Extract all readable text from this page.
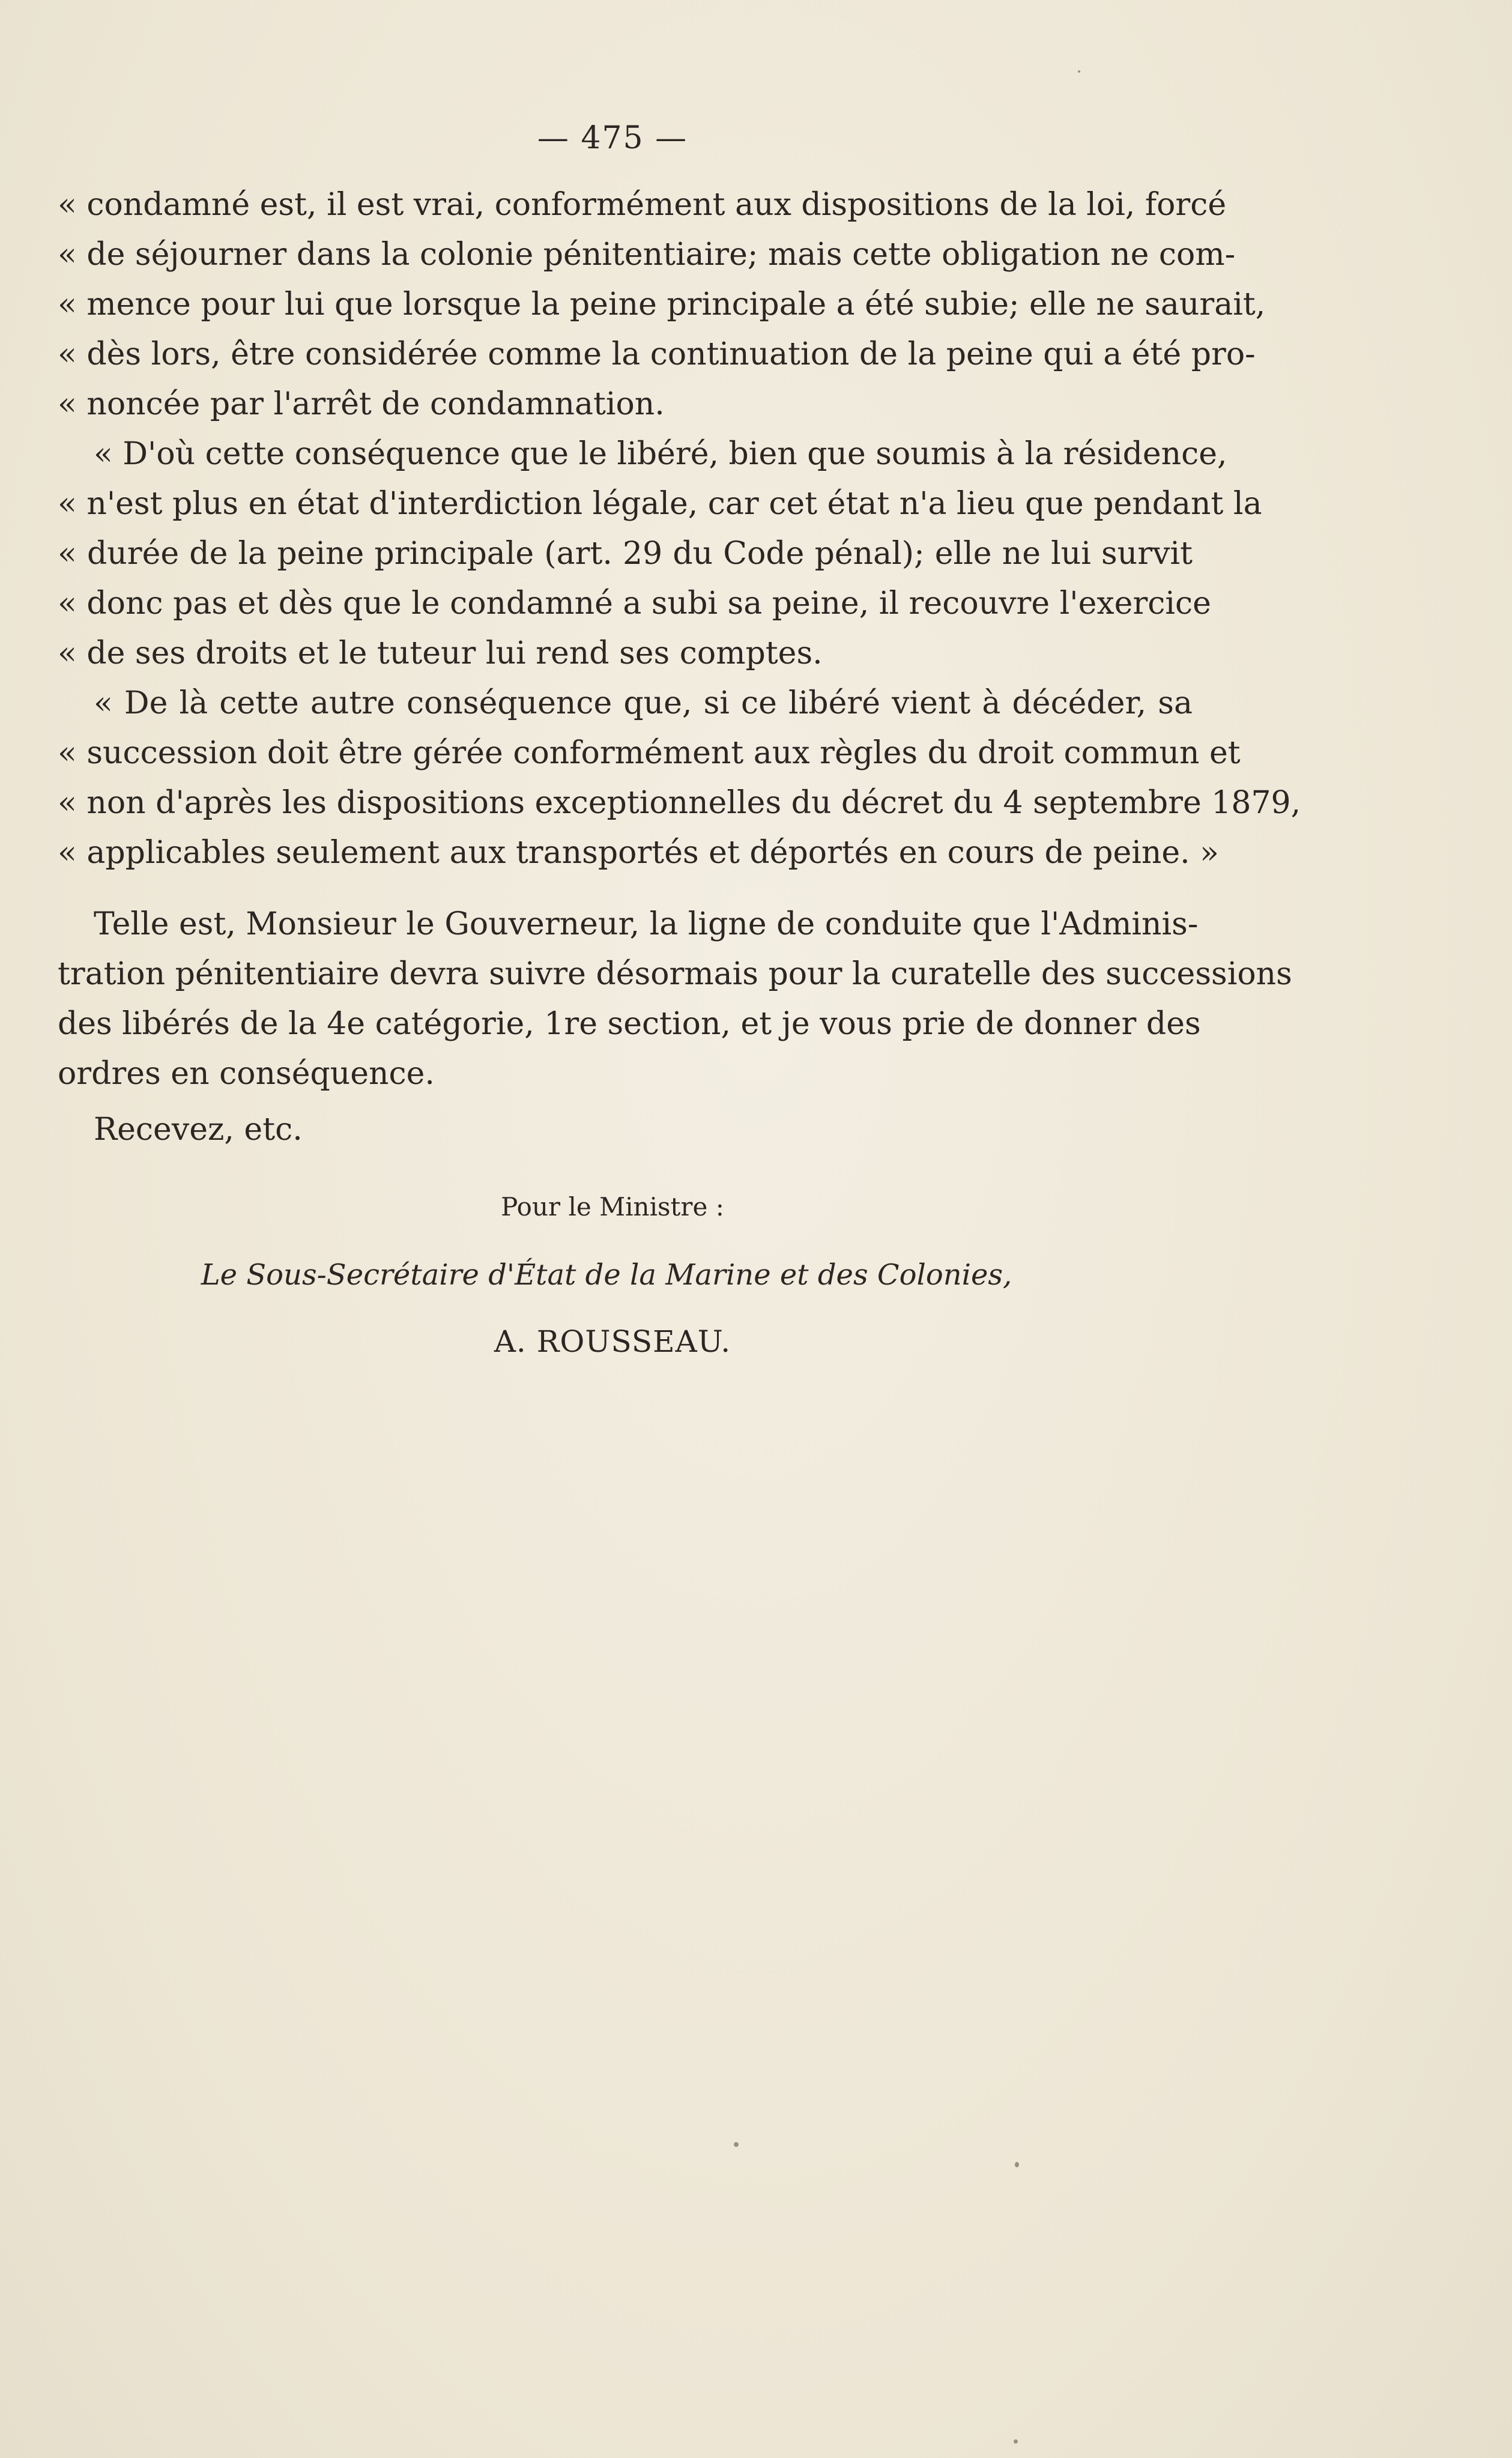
— 475 —
« condamné est, il est vrai, conformément aux dispositions de la loi, forcé
« de séjourner dans la colonie pénitentiaire; mais cette obligation ne com-
« mence pour lui que lorsque la peine principale a été subie; elle ne saurait,
« dès lors, être considérée comme la continuation de la peine qui a été pro-
« noncée par l'arrêt de condamnation.
« D'où cette conséquence que le libéré, bien que soumis à la résidence,
« n'est plus en état d'interdiction légale, car cet état n'a lieu que pendant la
« durée de la peine principale (art. 29 du Code pénal); elle ne lui survit
« donc pas et dès que le condamné a subi sa peine, il recouvre l'exercice
« de ses droits et le tuteur lui rend ses comptes.
« De là cette autre conséquence que, si ce libéré vient à décéder, sa
« succession doit être gérée conformément aux règles du droit commun et
« non d'après les dispositions exceptionnelles du décret du 4 septembre 1879,
« applicables seulement aux transportés et déportés en cours de peine. »
Telle est, Monsieur le Gouverneur, la ligne de conduite que l'Adminis-
tration pénitentiaire devra suivre désormais pour la curatelle des successions
des libérés de la 4e catégorie, 1re section, et je vous prie de donner des
ordres en conséquence.
Recevez, etc.
Pour le Ministre :
Le Sous-Secrétaire d'État de la Marine et des Colonies,
A. ROUSSEAU.
